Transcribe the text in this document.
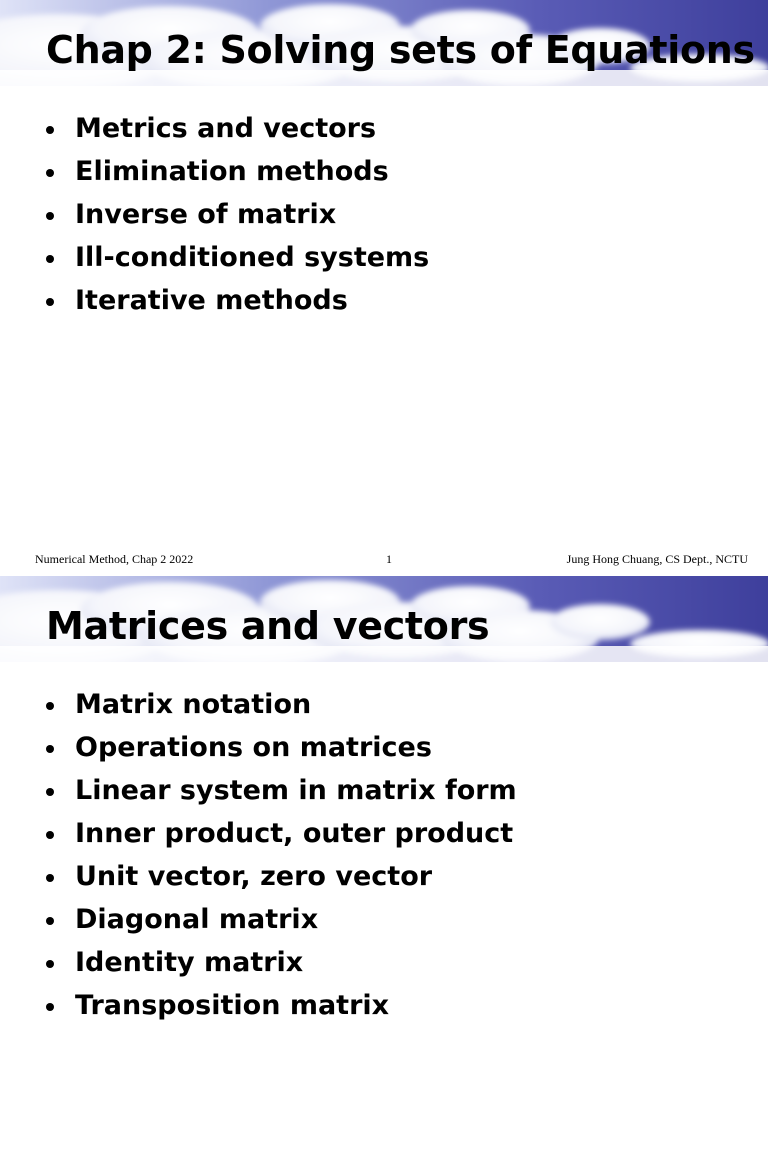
Chap 2: Solving sets of Equations
Metrics and vectors
Elimination methods
Inverse of matrix
Ill-conditioned systems
Iterative methods
Numerical Method, Chap 2 2022	1	Jung Hong Chuang, CS Dept., NCTU
Matrices and vectors
Matrix notation
Operations on matrices
Linear system in matrix form
Inner product, outer product
Unit vector, zero vector
Diagonal matrix
Identity matrix
Transposition matrix
